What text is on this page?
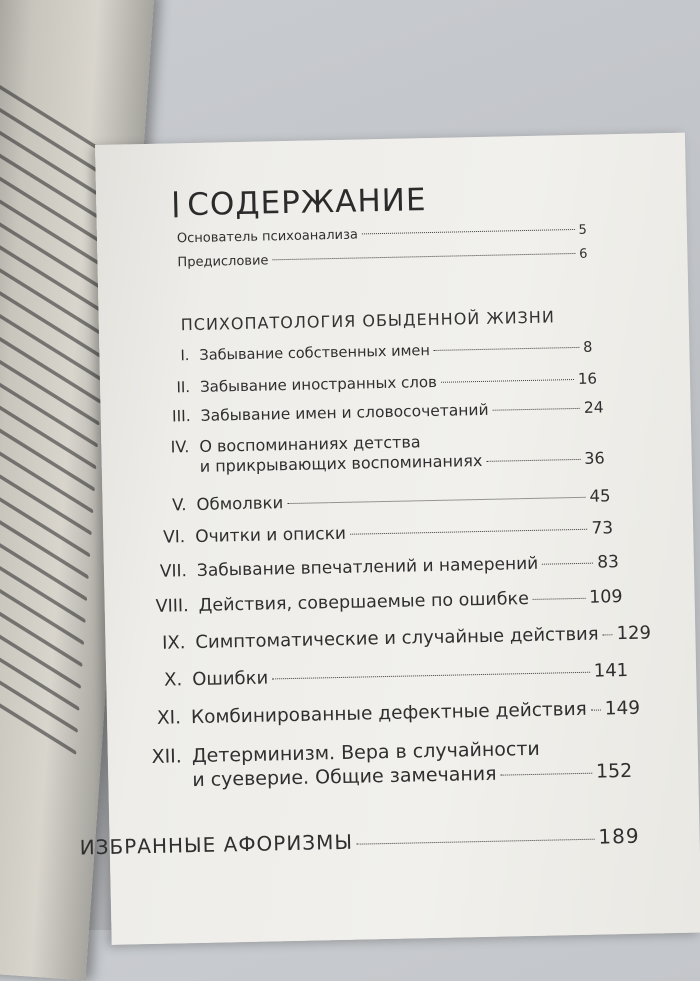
СОДЕРЖАНИЕ
ПСИХОПАТОЛОГИЯ ОБЫДЕННОЙ ЖИЗНИ
Основатель психоанализа	5
Предисловие	6
I. Забывание собственных имен	8
II. Забывание иностранных слов	16
III. Забывание имен и словосочетаний	24
IV. О воспоминаниях детства
и прикрывающих воспоминаниях	36
V. Обмолвки	45
VI. Очитки и описки	73
VII. Забывание впечатлений и намерений	83
VIII. Действия, совершаемые по ошибке	109
IX. Симптоматические и случайные действия 129
X. Ошибки	141
XI. Комбинированные дефектные действия 149
XII. Детерминизм. Вера в случайности
и суеверие. Общие замечания	152
ИЗБРАННЫЕ АФОРИЗМЫ	189
